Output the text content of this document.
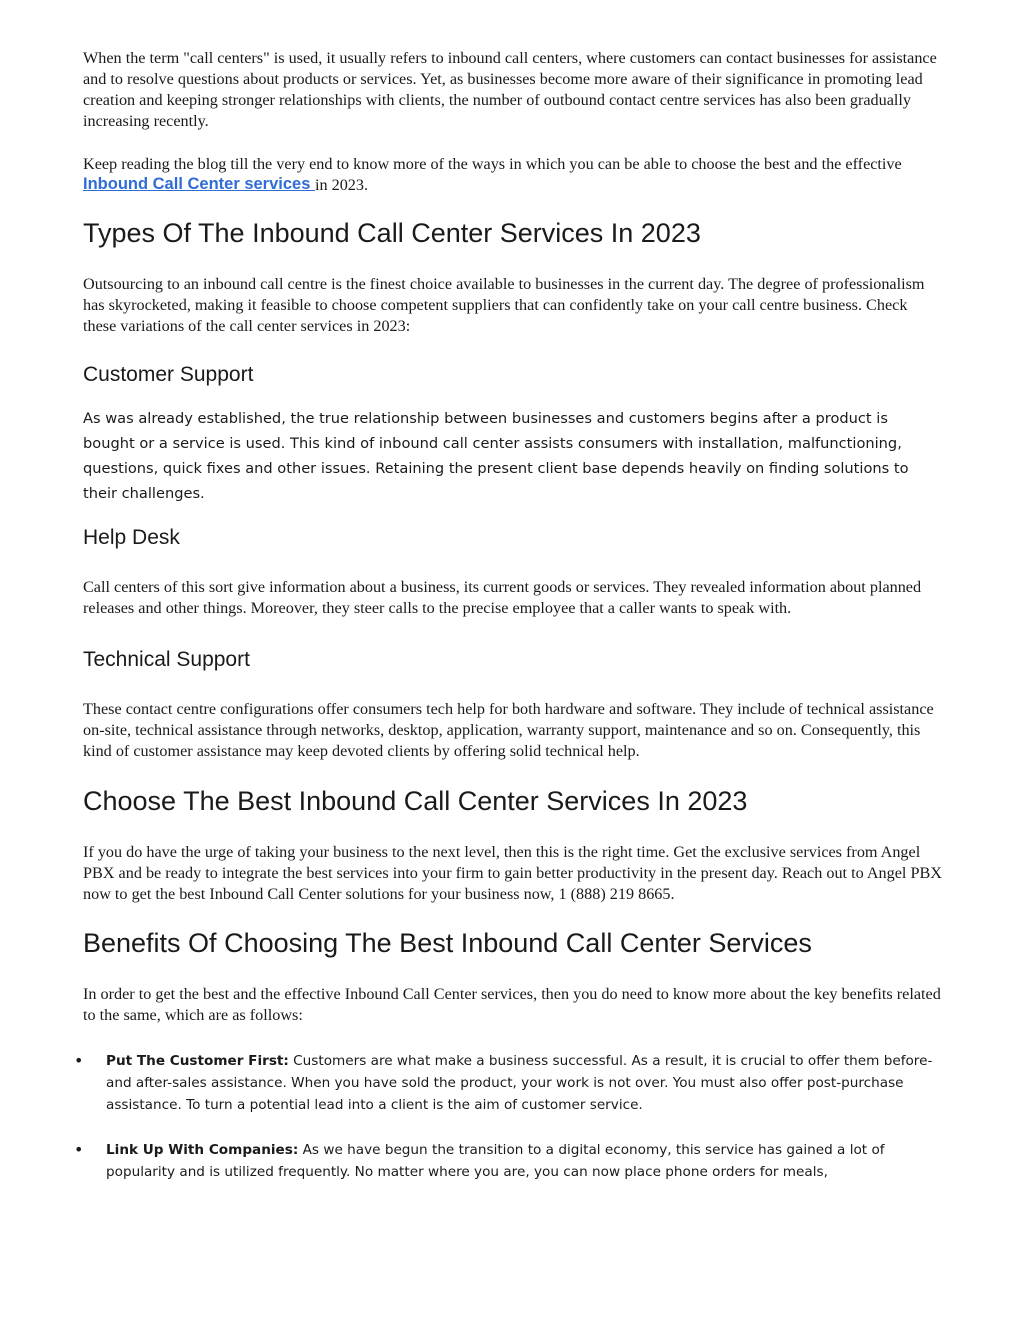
When the term "call centers" is used, it usually refers to inbound call centers, where customers can contact businesses for assistance and to resolve questions about products or services. Yet, as businesses become more aware of their significance in promoting lead creation and keeping stronger relationships with clients, the number of outbound contact centre services has also been gradually increasing recently.

Keep reading the blog till the very end to know more of the ways in which you can be able to choose the best and the effective Inbound Call Center services in 2023.

Types Of The Inbound Call Center Services In 2023

Outsourcing to an inbound call centre is the finest choice available to businesses in the current day. The degree of professionalism has skyrocketed, making it feasible to choose competent suppliers that can confidently take on your call centre business. Check these variations of the call center services in 2023:

Customer Support

As was already established, the true relationship between businesses and customers begins after a product is bought or a service is used. This kind of inbound call center assists consumers with installation, malfunctioning, questions, quick fixes and other issues. Retaining the present client base depends heavily on finding solutions to their challenges.

Help Desk

Call centers of this sort give information about a business, its current goods or services. They revealed information about planned releases and other things. Moreover, they steer calls to the precise employee that a caller wants to speak with.

Technical Support

These contact centre configurations offer consumers tech help for both hardware and software. They include of technical assistance on-site, technical assistance through networks, desktop, application, warranty support, maintenance and so on. Consequently, this kind of customer assistance may keep devoted clients by offering solid technical help.

Choose The Best Inbound Call Center Services In 2023

If you do have the urge of taking your business to the next level, then this is the right time. Get the exclusive services from Angel PBX and be ready to integrate the best services into your firm to gain better productivity in the present day. Reach out to Angel PBX now to get the best Inbound Call Center solutions for your business now, 1 (888) 219 8665.

Benefits Of Choosing The Best Inbound Call Center Services

In order to get the best and the effective Inbound Call Center services, then you do need to know more about the key benefits related to the same, which are as follows:

• Put The Customer First: Customers are what make a business successful. As a result, it is crucial to offer them before- and after-sales assistance. When you have sold the product, your work is not over. You must also offer post-purchase assistance. To turn a potential lead into a client is the aim of customer service.
• Link Up With Companies: As we have begun the transition to a digital economy, this service has gained a lot of popularity and is utilized frequently. No matter where you are, you can now place phone orders for meals,
